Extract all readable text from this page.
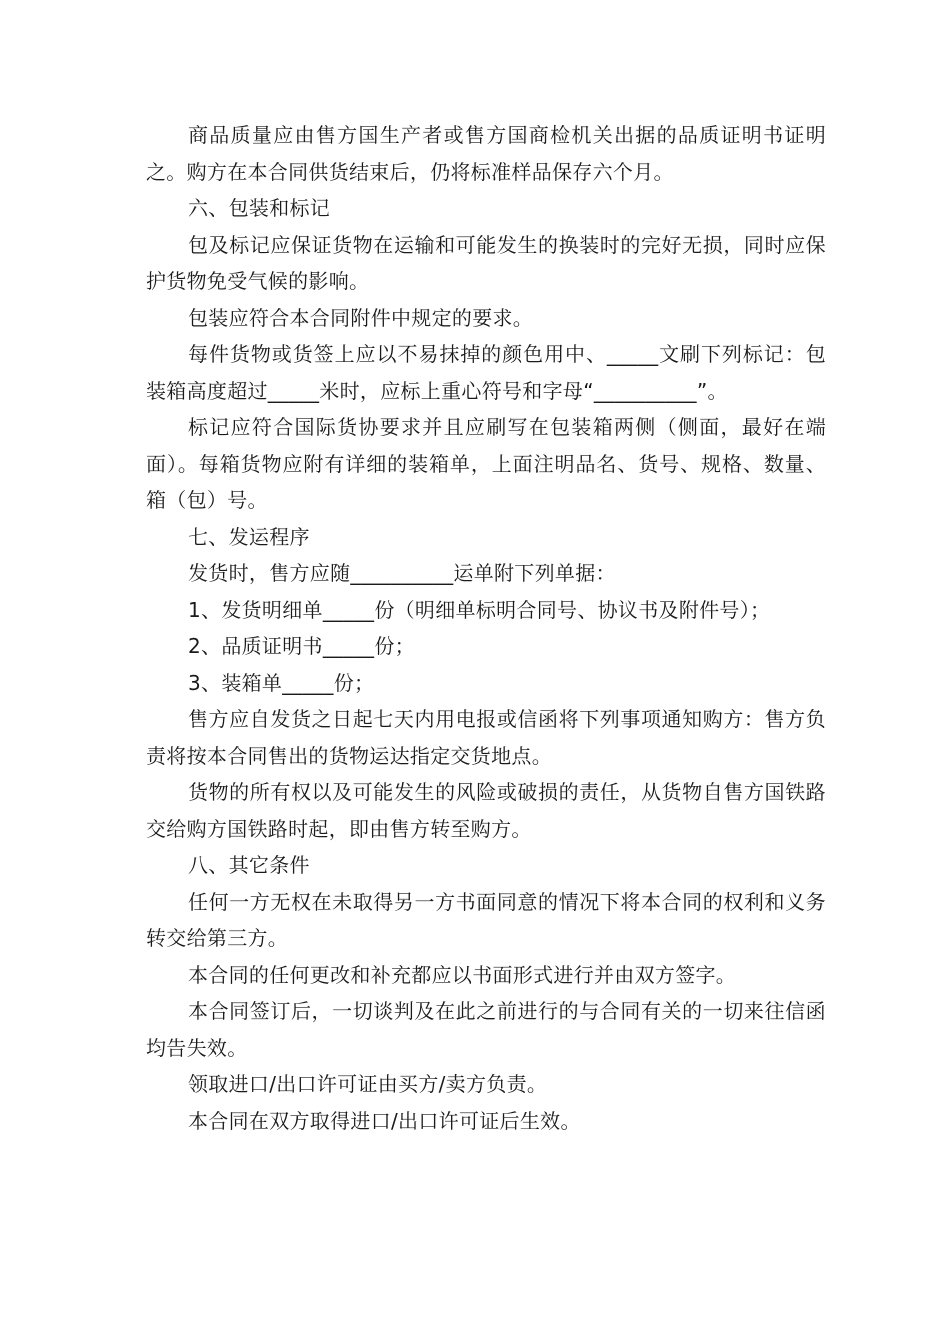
商品质量应由售方国生产者或售方国商检机关出据的品质证明书证明之。购方在本合同供货结束后，仍将标准样品保存六个月。

六、包装和标记

包及标记应保证货物在运输和可能发生的换装时的完好无损，同时应保护货物免受气候的影响。

包装应符合本合同附件中规定的要求。

每件货物或货签上应以不易抹掉的颜色用中、_____文刷下列标记：包装箱高度超过_____米时，应标上重心符号和字母“__________”。

标记应符合国际货协要求并且应刷写在包装箱两侧（侧面，最好在端面）。每箱货物应附有详细的装箱单，上面注明品名、货号、规格、数量、箱（包）号。

七、发运程序

发货时，售方应随__________运单附下列单据：

1、发货明细单_____份（明细单标明合同号、协议书及附件号）；

2、品质证明书_____份；

3、装箱单_____份；

售方应自发货之日起七天内用电报或信函将下列事项通知购方：售方负责将按本合同售出的货物运达指定交货地点。

货物的所有权以及可能发生的风险或破损的责任，从货物自售方国铁路交给购方国铁路时起，即由售方转至购方。

八、其它条件

任何一方无权在未取得另一方书面同意的情况下将本合同的权利和义务转交给第三方。

本合同的任何更改和补充都应以书面形式进行并由双方签字。

本合同签订后，一切谈判及在此之前进行的与合同有关的一切来往信函均告失效。

领取进口/出口许可证由买方/卖方负责。

本合同在双方取得进口/出口许可证后生效。
